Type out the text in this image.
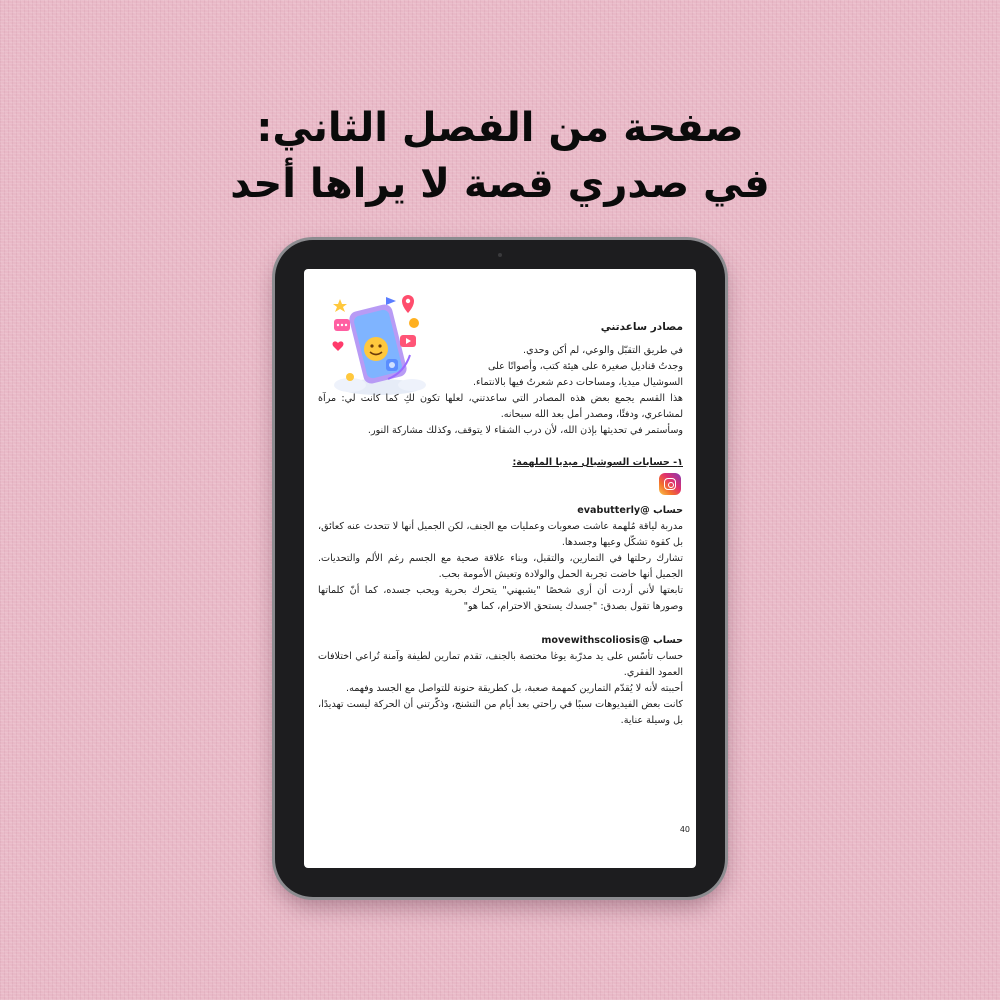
صفحة من الفصل الثاني:
في صدري قصة لا يراها أحد
مصادر ساعدتني

في طريق التقبّل والوعي، لم أكن وحدي.

وجدتُ قناديل صغيرة على هيئة كتب، وأصواتًا على

السوشيال ميديا، ومساحات دعم شعرتُ فيها بالانتماء.

هذا القسم يجمع بعض هذه المصادر التي ساعدتني، لعلها تكون لكِ كما كانت لي: مرآة لمشاعري، ودفئًا، ومصدر أمل بعد الله سبحانه.

وسأستمر في تحديثها بإذن الله، لأن درب الشفاء لا يتوقف، وكذلك مشاركة النور.

١- حسابات السوشيال ميديا الملهمة:
حساب @evabutterly

مدربة لياقة مُلهمة عاشت صعوبات وعمليات مع الجنف، لكن الجميل أنها لا تتحدث عنه كعائق، بل كقوة تشكّل وعيها وجسدها.

تشارك رحلتها في التمارين، والتقبل، وبناء علاقة صحية مع الجسم رغم الألم والتحديات. الجميل أنها خاضت تجربة الحمل والولادة وتعيش الأمومة بحب.

تابعتها لأني أردت أن أرى شخصًا "يشبهني" يتحرك بحرية ويحب جسده، كما أنّ كلماتها وصورها تقول بصدق: "جسدك يستحق الاحترام، كما هو"

حساب @movewithscoliosis

حساب تأسّس على يد مدرّبة يوغا مختصة بالجنف، تقدم تمارين لطيفة وآمنة تُراعي اختلافات العمود الفقري.

أحببته لأنه لا يُقدّم التمارين كمهمة صعبة، بل كطريقة حنونة للتواصل مع الجسد وفهمه.

كانت بعض الفيديوهات سببًا في راحتي بعد أيام من التشنج، وذكّرتني أن الحركة ليست تهديدًا، بل وسيلة عناية.

40
